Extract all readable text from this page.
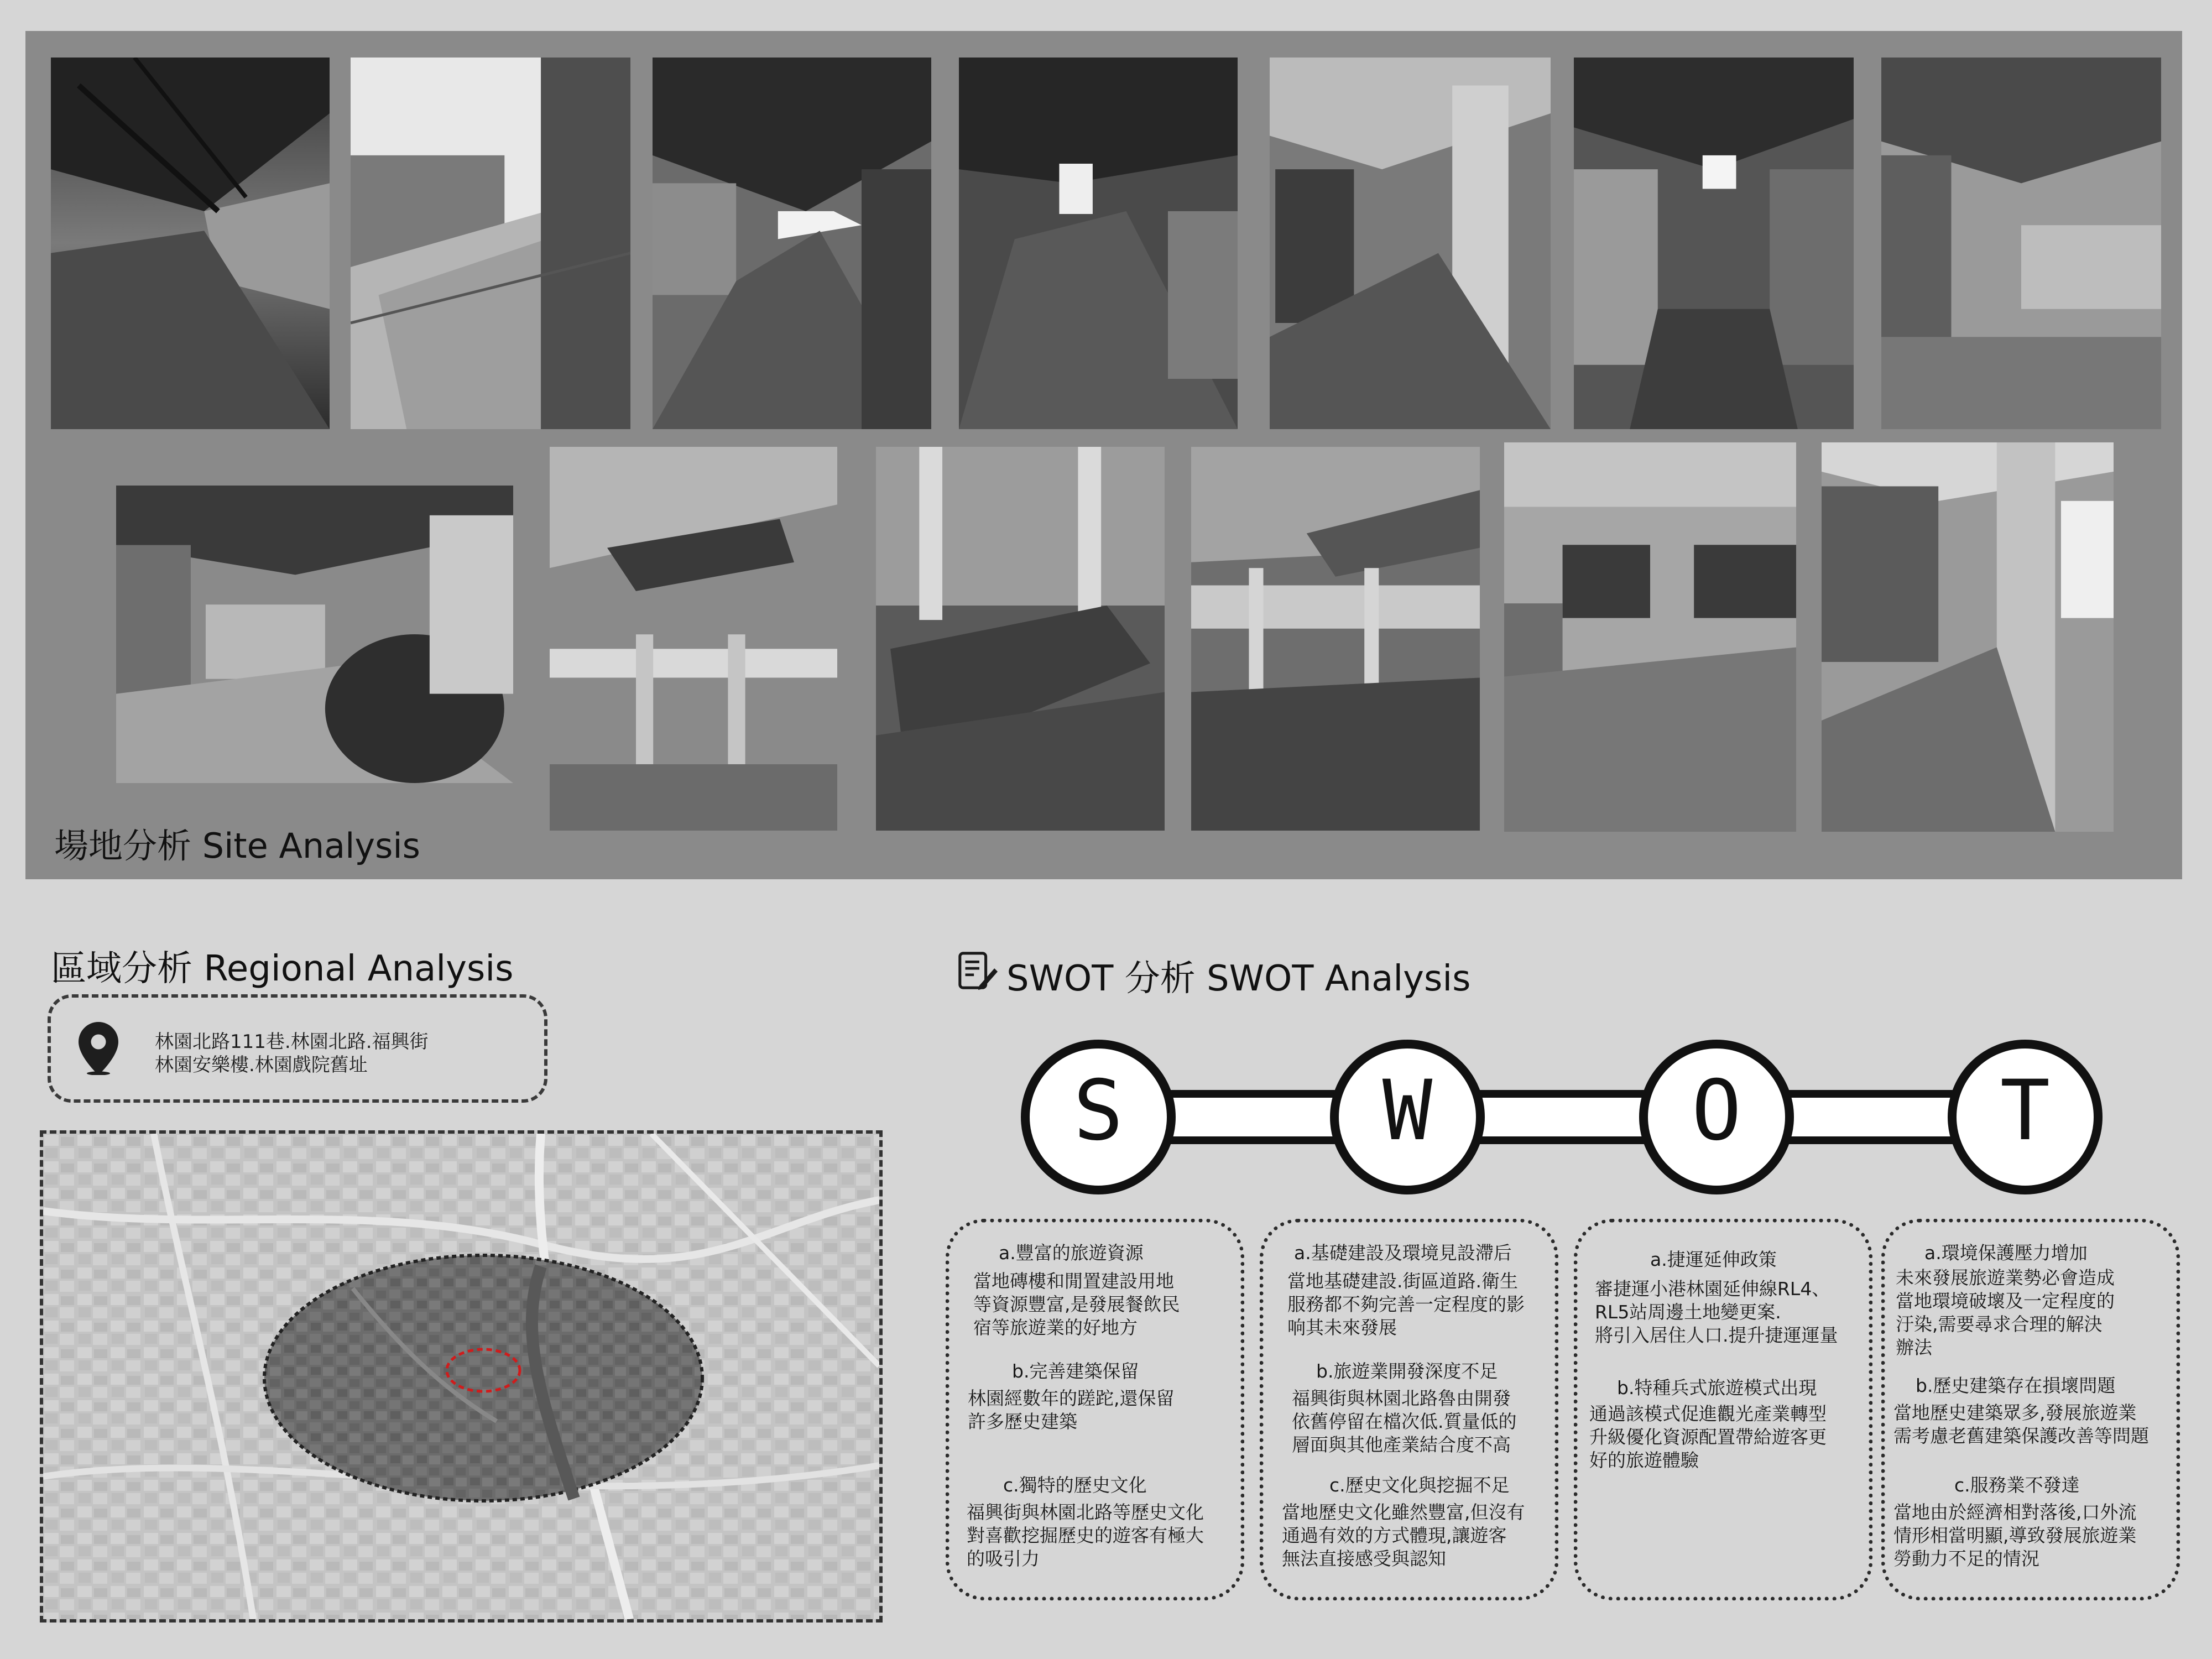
場地分析 Site Analysis
區域分析 Regional Analysis
林園北路111巷.林園北路.福興街
林園安樂樓.林園戲院舊址
SWOT 分析 SWOT Analysis
S	W	O	T
a.豐富的旅遊資源
當地磚樓和閒置建設用地
等資源豐富,是發展餐飲民
宿等旅遊業的好地方
b.完善建築保留
林園經數年的蹉跎,還保留
許多歷史建築
c.獨特的歷史文化
福興街與林園北路等歷史文化
對喜歡挖掘歷史的遊客有極大
的吸引力
a.基礎建設及環境見設滯后
當地基礎建設.街區道路.衛生
服務都不夠完善一定程度的影
响其未來發展
b.旅遊業開發深度不足
福興街與林園北路魯由開發
依舊停留在檔次低.質量低的
層面與其他產業結合度不高
c.歷史文化與挖掘不足
當地歷史文化雖然豐富,但沒有
通過有效的方式體現,讓遊客
無法直接感受與認知
a.捷運延伸政策
審捷運小港林園延伸線RL4、
RL5站周邊土地變更案.
將引入居住人口.提升捷運運量
b.特種兵式旅遊模式出現
通過該模式促進觀光產業轉型
升級優化資源配置帶給遊客更
好的旅遊體驗
a.環境保護壓力增加
未來發展旅遊業勢必會造成
當地環境破壞及一定程度的
汙染,需要尋求合理的解決
辦法
b.歷史建築存在損壞問題
當地歷史建築眾多,發展旅遊業
需考慮老舊建築保護改善等問題
c.服務業不發達
當地由於經濟相對落後,口外流
情形相當明顯,導致發展旅遊業
勞動力不足的情況
